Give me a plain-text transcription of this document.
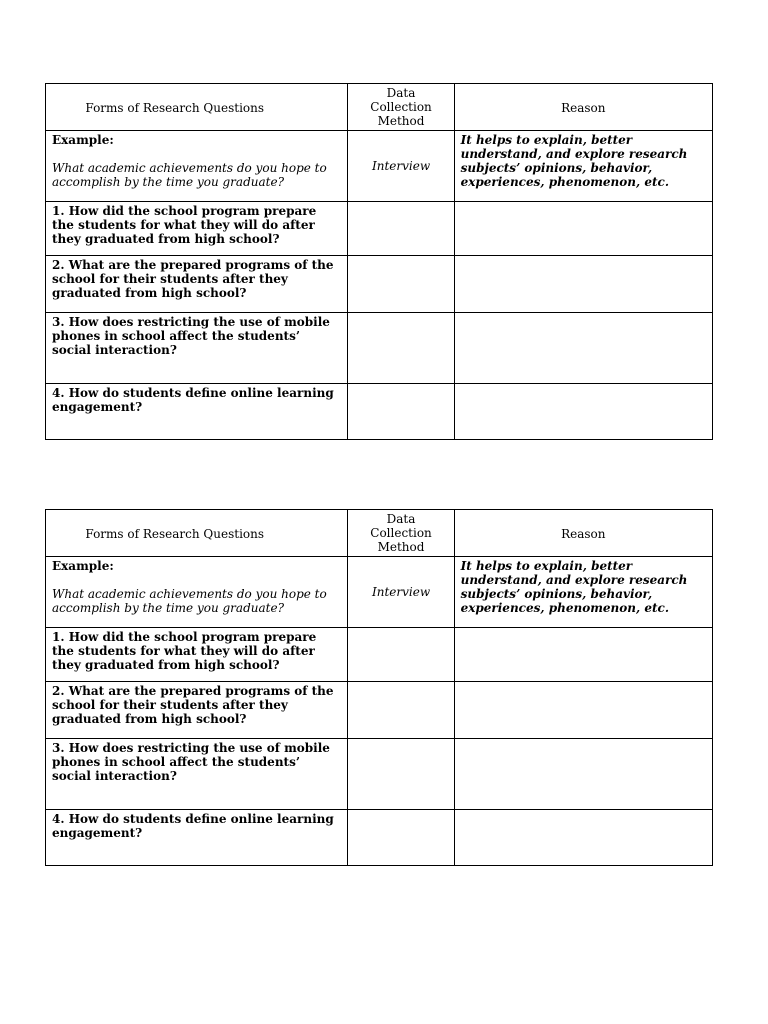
Forms of Research Questions	Data Collection Method	Reason

Example:
What academic achievements do you hope to accomplish by the time you graduate?	Interview	It helps to explain, better understand, and explore research subjects’ opinions, behavior, experiences, phenomenon, etc.

1. How did the school program prepare the students for what they will do after they graduated from high school?		

2. What are the prepared programs of the school for their students after they graduated from high school?		

3. How does restricting the use of mobile phones in school affect the students’ social interaction?		

4. How do students define online learning engagement?		

Forms of Research Questions	Data Collection Method	Reason

Example:
What academic achievements do you hope to accomplish by the time you graduate?	Interview	It helps to explain, better understand, and explore research subjects’ opinions, behavior, experiences, phenomenon, etc.

1. How did the school program prepare the students for what they will do after they graduated from high school?		

2. What are the prepared programs of the school for their students after they graduated from high school?		

3. How does restricting the use of mobile phones in school affect the students’ social interaction?		

4. How do students define online learning engagement?		
